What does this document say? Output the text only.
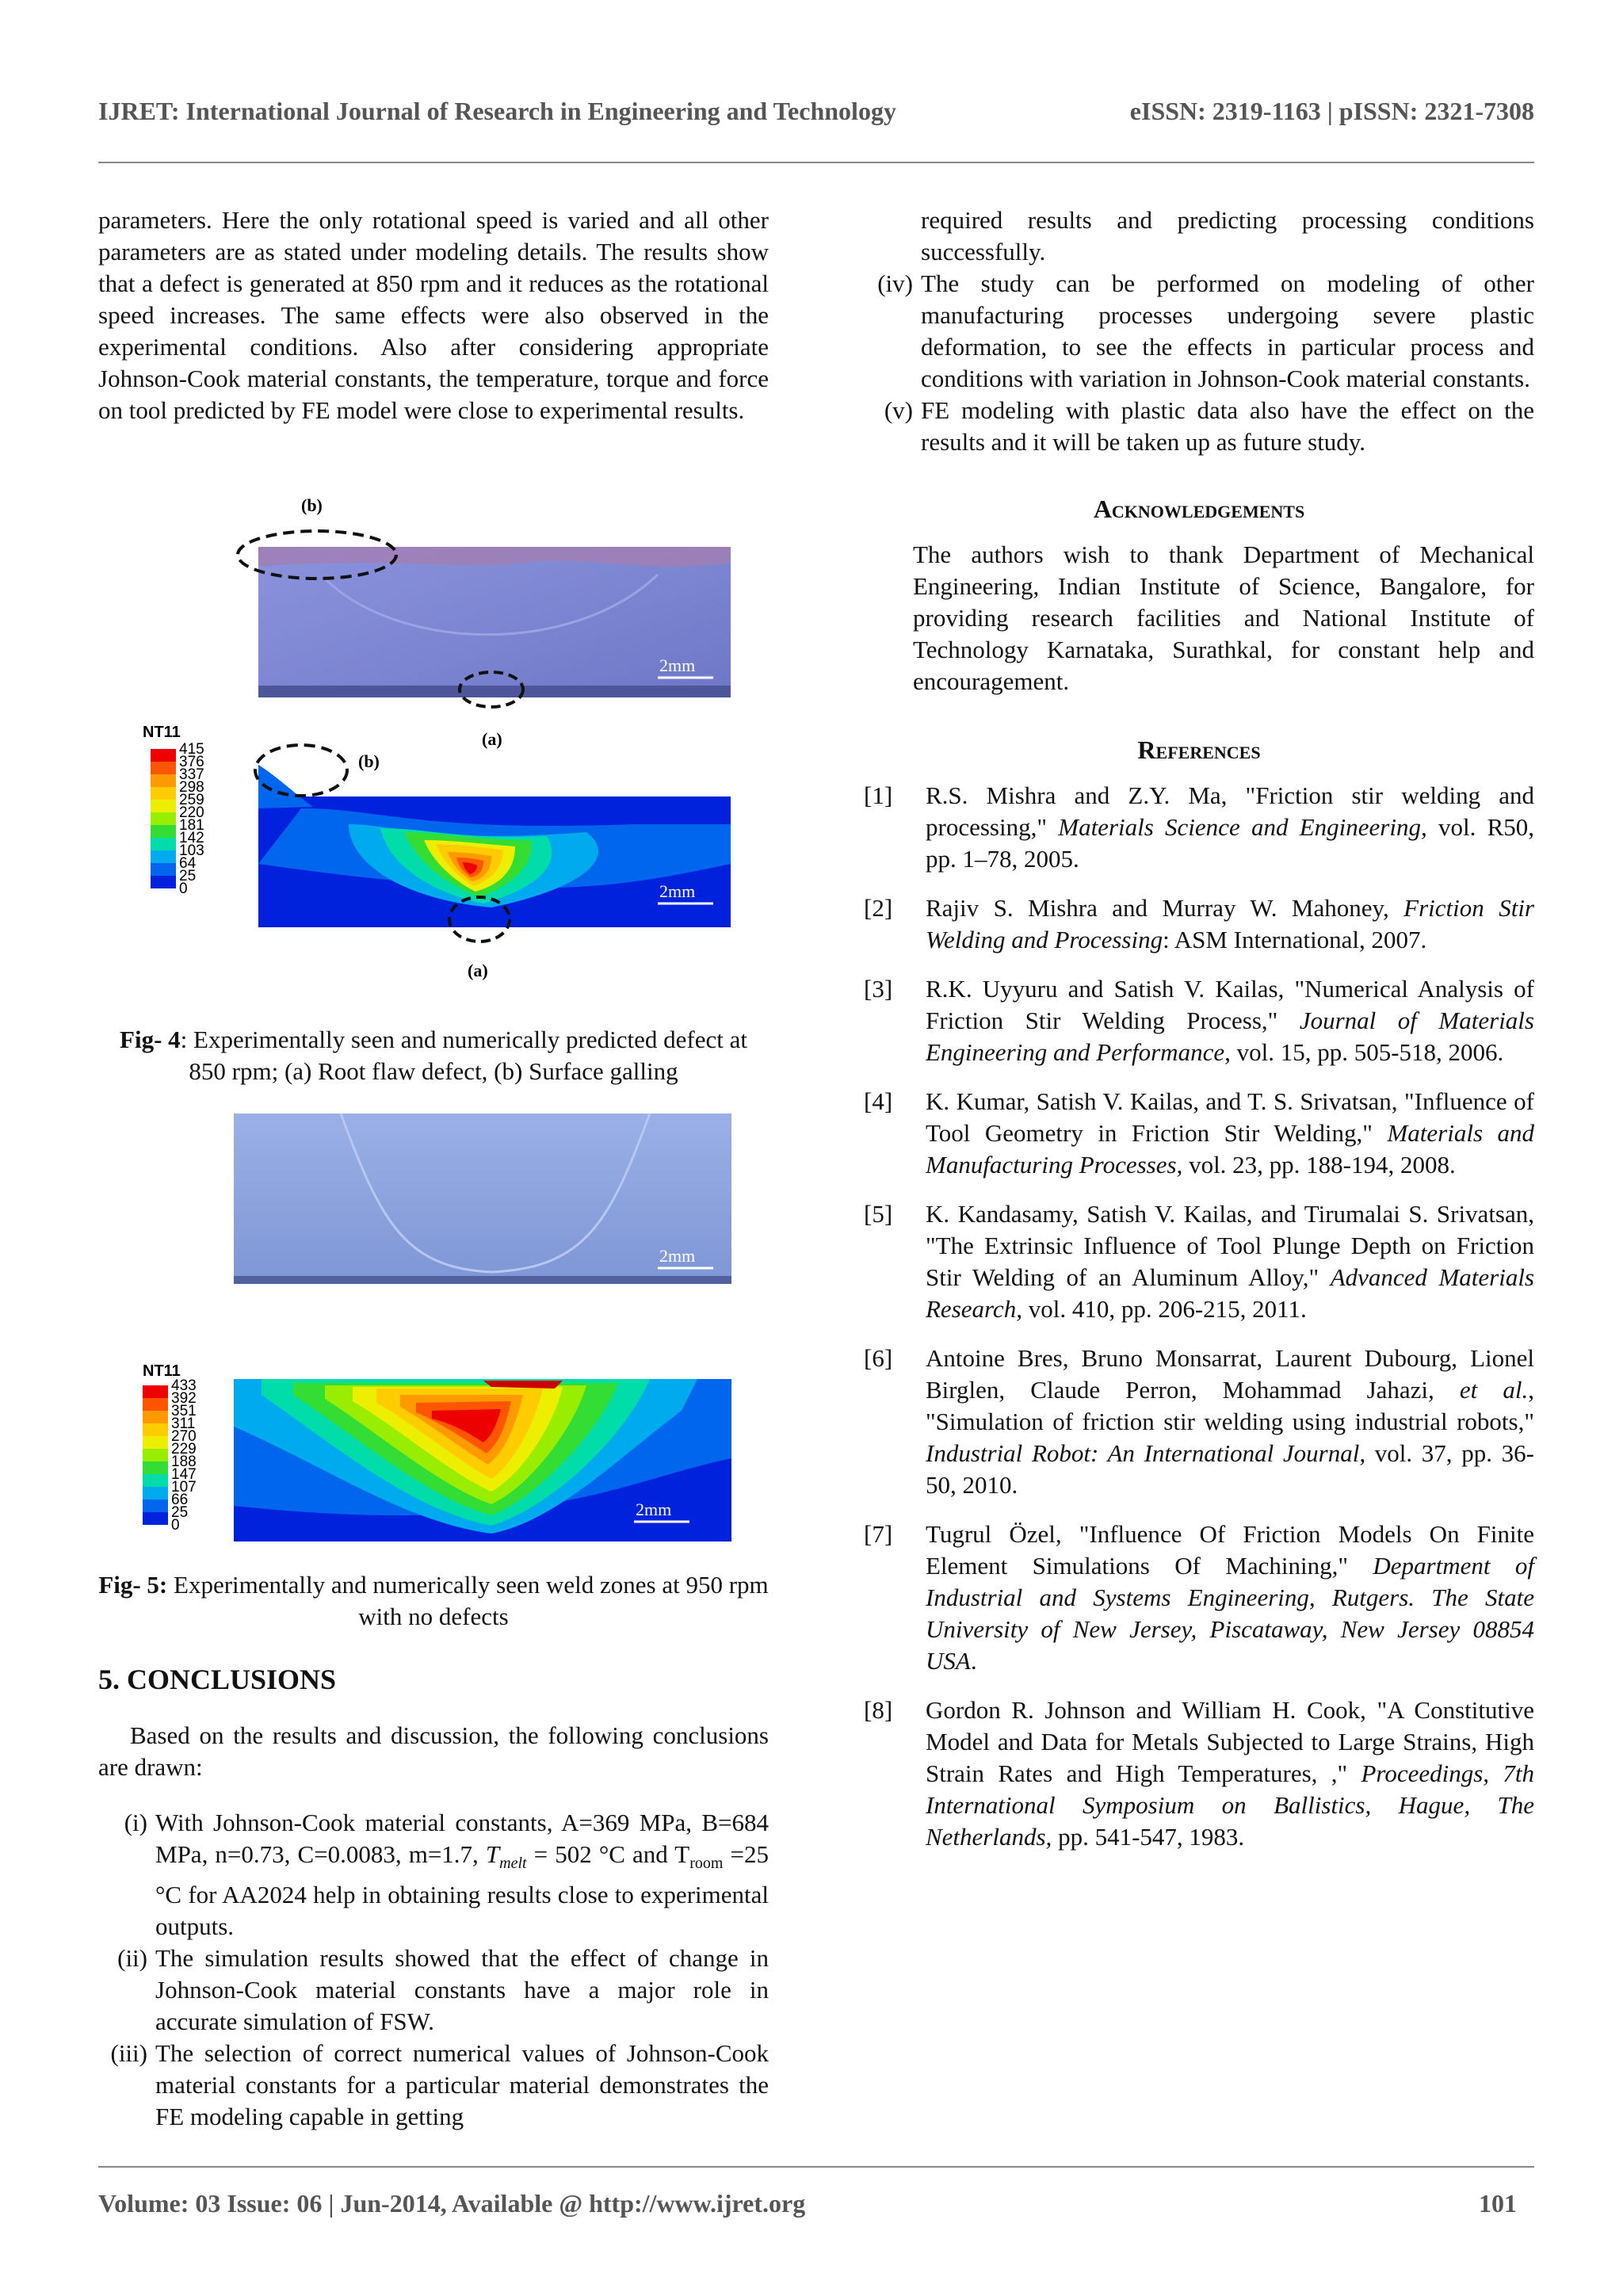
IJRET: International Journal of Research in Engineering and Technology	eISSN: 2319-1163 | pISSN: 2321-7308

parameters. Here the only rotational speed is varied and all other parameters are as stated under modeling details. The results show that a defect is generated at 850 rpm and it reduces as the rotational speed increases. The same effects were also observed in the experimental conditions. Also after considering appropriate Johnson-Cook material constants, the temperature, torque and force on tool predicted by FE model were close to experimental results.

(b)
(a)
2mm
NT11
415
376
337
298
259
220
181
142
103
64
25
0
(b)
(a)
2mm
Fig- 4: Experimentally seen and numerically predicted defect at 850 rpm; (a) Root flaw defect, (b) Surface galling
2mm
NT11
433
392
351
311
270
229
188
147
107
66
25
0
2mm
Fig- 5: Experimentally and numerically seen weld zones at 950 rpm with no defects
5. CONCLUSIONS

Based on the results and discussion, the following conclusions are drawn:

(i) With Johnson-Cook material constants, A=369 MPa, B=684 MPa, n=0.73, C=0.0083, m=1.7, $T_{melt} = 502$ °C and $T_{room} =25$ °C for AA2024 help in obtaining results close to experimental outputs.
(ii) The simulation results showed that the effect of change in Johnson-Cook material constants have a major role in accurate simulation of FSW.
(iii) The selection of correct numerical values of Johnson-Cook material constants for a particular material demonstrates the FE modeling capable in getting
required results and predicting processing conditions successfully.
(iv) The study can be performed on modeling of other manufacturing processes undergoing severe plastic deformation, to see the effects in particular process and conditions with variation in Johnson-Cook material constants.
(v) FE modeling with plastic data also have the effect on the results and it will be taken up as future study.
Acknowledgements
The authors wish to thank Department of Mechanical Engineering, Indian Institute of Science, Bangalore, for providing research facilities and National Institute of Technology Karnataka, Surathkal, for constant help and encouragement.
References
[1]	R.S. Mishra and Z.Y. Ma, "Friction stir welding and processing," Materials Science and Engineering, vol. R50, pp. 1–78, 2005.
[2]	Rajiv S. Mishra and Murray W. Mahoney, Friction Stir Welding and Processing: ASM International, 2007.
[3]	R.K. Uyyuru and Satish V. Kailas, "Numerical Analysis of Friction Stir Welding Process," Journal of Materials Engineering and Performance, vol. 15, pp. 505-518, 2006.
[4]	K. Kumar, Satish V. Kailas, and T. S. Srivatsan, "Influence of Tool Geometry in Friction Stir Welding," Materials and Manufacturing Processes, vol. 23, pp. 188-194, 2008.
[5]	K. Kandasamy, Satish V. Kailas, and Tirumalai S. Srivatsan, "The Extrinsic Influence of Tool Plunge Depth on Friction Stir Welding of an Aluminum Alloy," Advanced Materials Research, vol. 410, pp. 206-215, 2011.
[6]	Antoine Bres, Bruno Monsarrat, Laurent Dubourg, Lionel Birglen, Claude Perron, Mohammad Jahazi, et al., "Simulation of friction stir welding using industrial robots," Industrial Robot: An International Journal, vol. 37, pp. 36-50, 2010.
[7]	Tugrul Özel, "Influence Of Friction Models On Finite Element Simulations Of Machining," Department of Industrial and Systems Engineering, Rutgers. The State University of New Jersey, Piscataway, New Jersey 08854 USA.
[8]	Gordon R. Johnson and William H. Cook, "A Constitutive Model and Data for Metals Subjected to Large Strains, High Strain Rates and High Temperatures, ," Proceedings, 7th International Symposium on Ballistics, Hague, The Netherlands, pp. 541-547, 1983.
Volume: 03 Issue: 06 | Jun-2014, Available @ http://www.ijret.org	101
